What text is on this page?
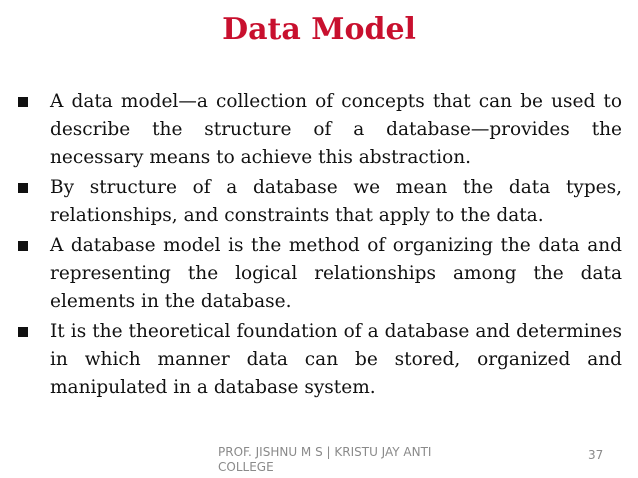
Data Model
A data model—a collection of concepts that can be used to describe the structure of a database—provides the necessary means to achieve this abstraction.
By structure of a database we mean the data types, relationships, and constraints that apply to the data.
A database model is the method of organizing the data and representing the logical relationships among the data elements in the database.
It is the theoretical foundation of a database and determines in which manner data can be stored, organized and manipulated in a database system.
PROF. JISHNU M S | KRISTU JAY ANTI COLLEGE
37
